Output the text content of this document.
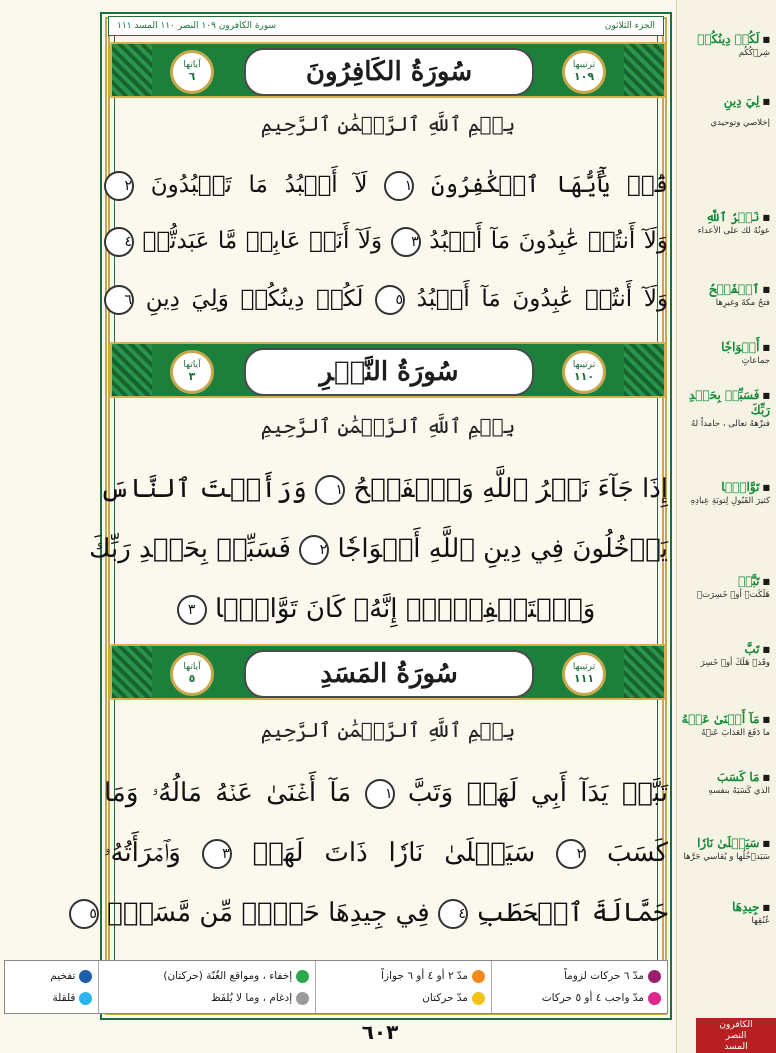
■ لَكُمۡ دِينُكُمۡ
شِرۡكُكُم
■ لِيَ دِينِ
إخلاصي وتوحيدي
■ نَصۡرُ ٱللَّهِ
عونُهُ لك على الأعداء
■ ٱلۡفَتۡحُ
فتحُ مكةَ وغيرِها
■ أَفۡوَاجٗا
جماعاتٍ
■ فَسَبِّحۡ بِحَمۡدِ رَبِّكَ
فنزّههُ تعالى ، حامداً لهُ
■ تَوَّابَۢا
كثيرَ القَبُولِ لِتوبَةِ عِبادِهِ
■ تَبَّتۡ
هَلَكَتۡ أوۡ خَسِرَتۡ
■ تَبَّ
وقَدۡ هَلَكَ أوۡ خَسِرَ
■ مَآ أَغۡنَىٰ عَنۡهُ
ما دَفَعَ العَذابَ عَنۡهُ
■ مَا كَسَبَ
الذي كَسَبَهُ بنفسهِ
■ سَيَصۡلَىٰ نَارٗا
سَيَدۡخُلُها و يُقاسي حَرَّها
■ جِيدِهَا
عُنُقِها
الجزء الثلاثون
سورة الكافرون ١٠٩ النصر ١١٠ المسد ١١١
ترتيبها
١٠٩
سُورَةُ الكَافِرُونَ
آياتها
٦
بِسۡمِ ٱللَّهِ ٱلرَّحۡمَٰنِ ٱلرَّحِيمِ
قُلۡ يَٰٓأَيُّهَا ٱلۡكَٰفِرُونَ ١ لَآ أَعۡبُدُ مَا تَعۡبُدُونَ ٢
وَلَآ أَنتُمۡ عَٰبِدُونَ مَآ أَعۡبُدُ ٣ وَلَآ أَنَا۠ عَابِدٞ مَّا عَبَدتُّمۡ ٤
وَلَآ أَنتُمۡ عَٰبِدُونَ مَآ أَعۡبُدُ ٥ لَكُمۡ دِينُكُمۡ وَلِيَ دِينِ ٦
ترتيبها
١١٠
سُورَةُ النَّصۡرِ
آياتها
٣
بِسۡمِ ٱللَّهِ ٱلرَّحۡمَٰنِ ٱلرَّحِيمِ
إِذَا جَآءَ نَصۡرُ ٱللَّهِ وَٱلۡفَتۡحُ ١ وَرَأَيۡتَ ٱلنَّاسَ
يَدۡخُلُونَ فِي دِينِ ٱللَّهِ أَفۡوَاجٗا ٢ فَسَبِّحۡ بِحَمۡدِ رَبِّكَ
وَٱسۡتَغۡفِرۡهُۚ إِنَّهُۥ كَانَ تَوَّابَۢا ٣
ترتيبها
١١١
سُورَةُ المَسَدِ
آياتها
٥
بِسۡمِ ٱللَّهِ ٱلرَّحۡمَٰنِ ٱلرَّحِيمِ
تَبَّتۡ يَدَآ أَبِي لَهَبٖ وَتَبَّ ١ مَآ أَغۡنَىٰ عَنۡهُ مَالُهُۥ وَمَا
كَسَبَ ٢ سَيَصۡلَىٰ نَارٗا ذَاتَ لَهَبٖ ٣ وَٱمۡرَأَتُهُۥ
حَمَّالَةَ ٱلۡحَطَبِ ٤ فِي جِيدِهَا حَبۡلٞ مِّن مَّسَدِۭ ٥
مدّ ٦ حركات لزوماً
مدّ واجب ٤ أو ٥ حركات
مدّ ٢ أو ٤ أو ٦ جوازاً
مدّ حركتان
إخفاء ، ومواقع الغُنّة (حركتان)
إدغام ، وما لا يُلفَظ
تفخيم
قلقلة
٦٠٣	الكافرون
النصر
المسد
